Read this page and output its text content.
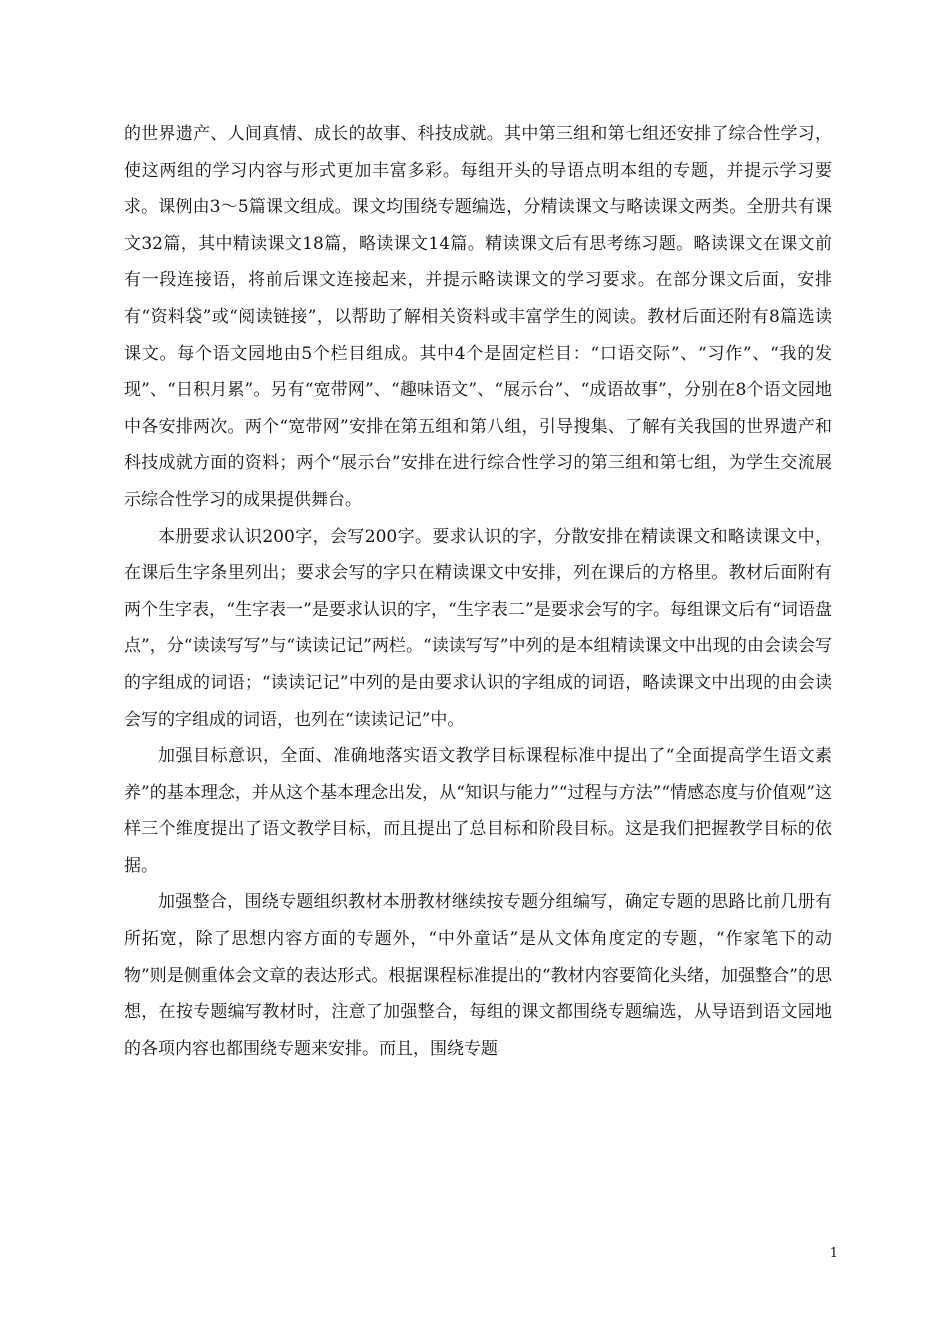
的世界遗产、人间真情、成长的故事、科技成就。其中第三组和第七组还安排了综合性学习，使这两组的学习内容与形式更加丰富多彩。每组开头的导语点明本组的专题，并提示学习要求。课例由3～5篇课文组成。课文均围绕专题编选，分精读课文与略读课文两类。全册共有课文32篇，其中精读课文18篇，略读课文14篇。精读课文后有思考练习题。略读课文在课文前有一段连接语，将前后课文连接起来，并提示略读课文的学习要求。在部分课文后面，安排有“资料袋”或“阅读链接”，以帮助了解相关资料或丰富学生的阅读。教材后面还附有8篇选读课文。每个语文园地由5个栏目组成。其中4个是固定栏目：“口语交际”、“习作”、“我的发现”、“日积月累”。另有“宽带网”、“趣味语文”、“展示台”、“成语故事”，分别在8个语文园地中各安排两次。两个“宽带网”安排在第五组和第八组，引导搜集、了解有关我国的世界遗产和科技成就方面的资料；两个“展示台”安排在进行综合性学习的第三组和第七组，为学生交流展示综合性学习的成果提供舞台。

本册要求认识200字，会写200字。要求认识的字，分散安排在精读课文和略读课文中，在课后生字条里列出；要求会写的字只在精读课文中安排，列在课后的方格里。教材后面附有两个生字表，“生字表一”是要求认识的字，“生字表二”是要求会写的字。每组课文后有“词语盘点”，分“读读写写”与“读读记记”两栏。“读读写写”中列的是本组精读课文中出现的由会读会写的字组成的词语；“读读记记”中列的是由要求认识的字组成的词语，略读课文中出现的由会读会写的字组成的词语，也列在“读读记记”中。

加强目标意识，全面、准确地落实语文教学目标课程标准中提出了“全面提高学生语文素养”的基本理念，并从这个基本理念出发，从“知识与能力”“过程与方法”“情感态度与价值观”这样三个维度提出了语文教学目标，而且提出了总目标和阶段目标。这是我们把握教学目标的依据。

加强整合，围绕专题组织教材本册教材继续按专题分组编写，确定专题的思路比前几册有所拓宽，除了思想内容方面的专题外，“中外童话”是从文体角度定的专题，“作家笔下的动物”则是侧重体会文章的表达形式。根据课程标准提出的“教材内容要简化头绪，加强整合”的思想，在按专题编写教材时，注意了加强整合，每组的课文都围绕专题编选，从导语到语文园地的各项内容也都围绕专题来安排。而且，围绕专题

1
